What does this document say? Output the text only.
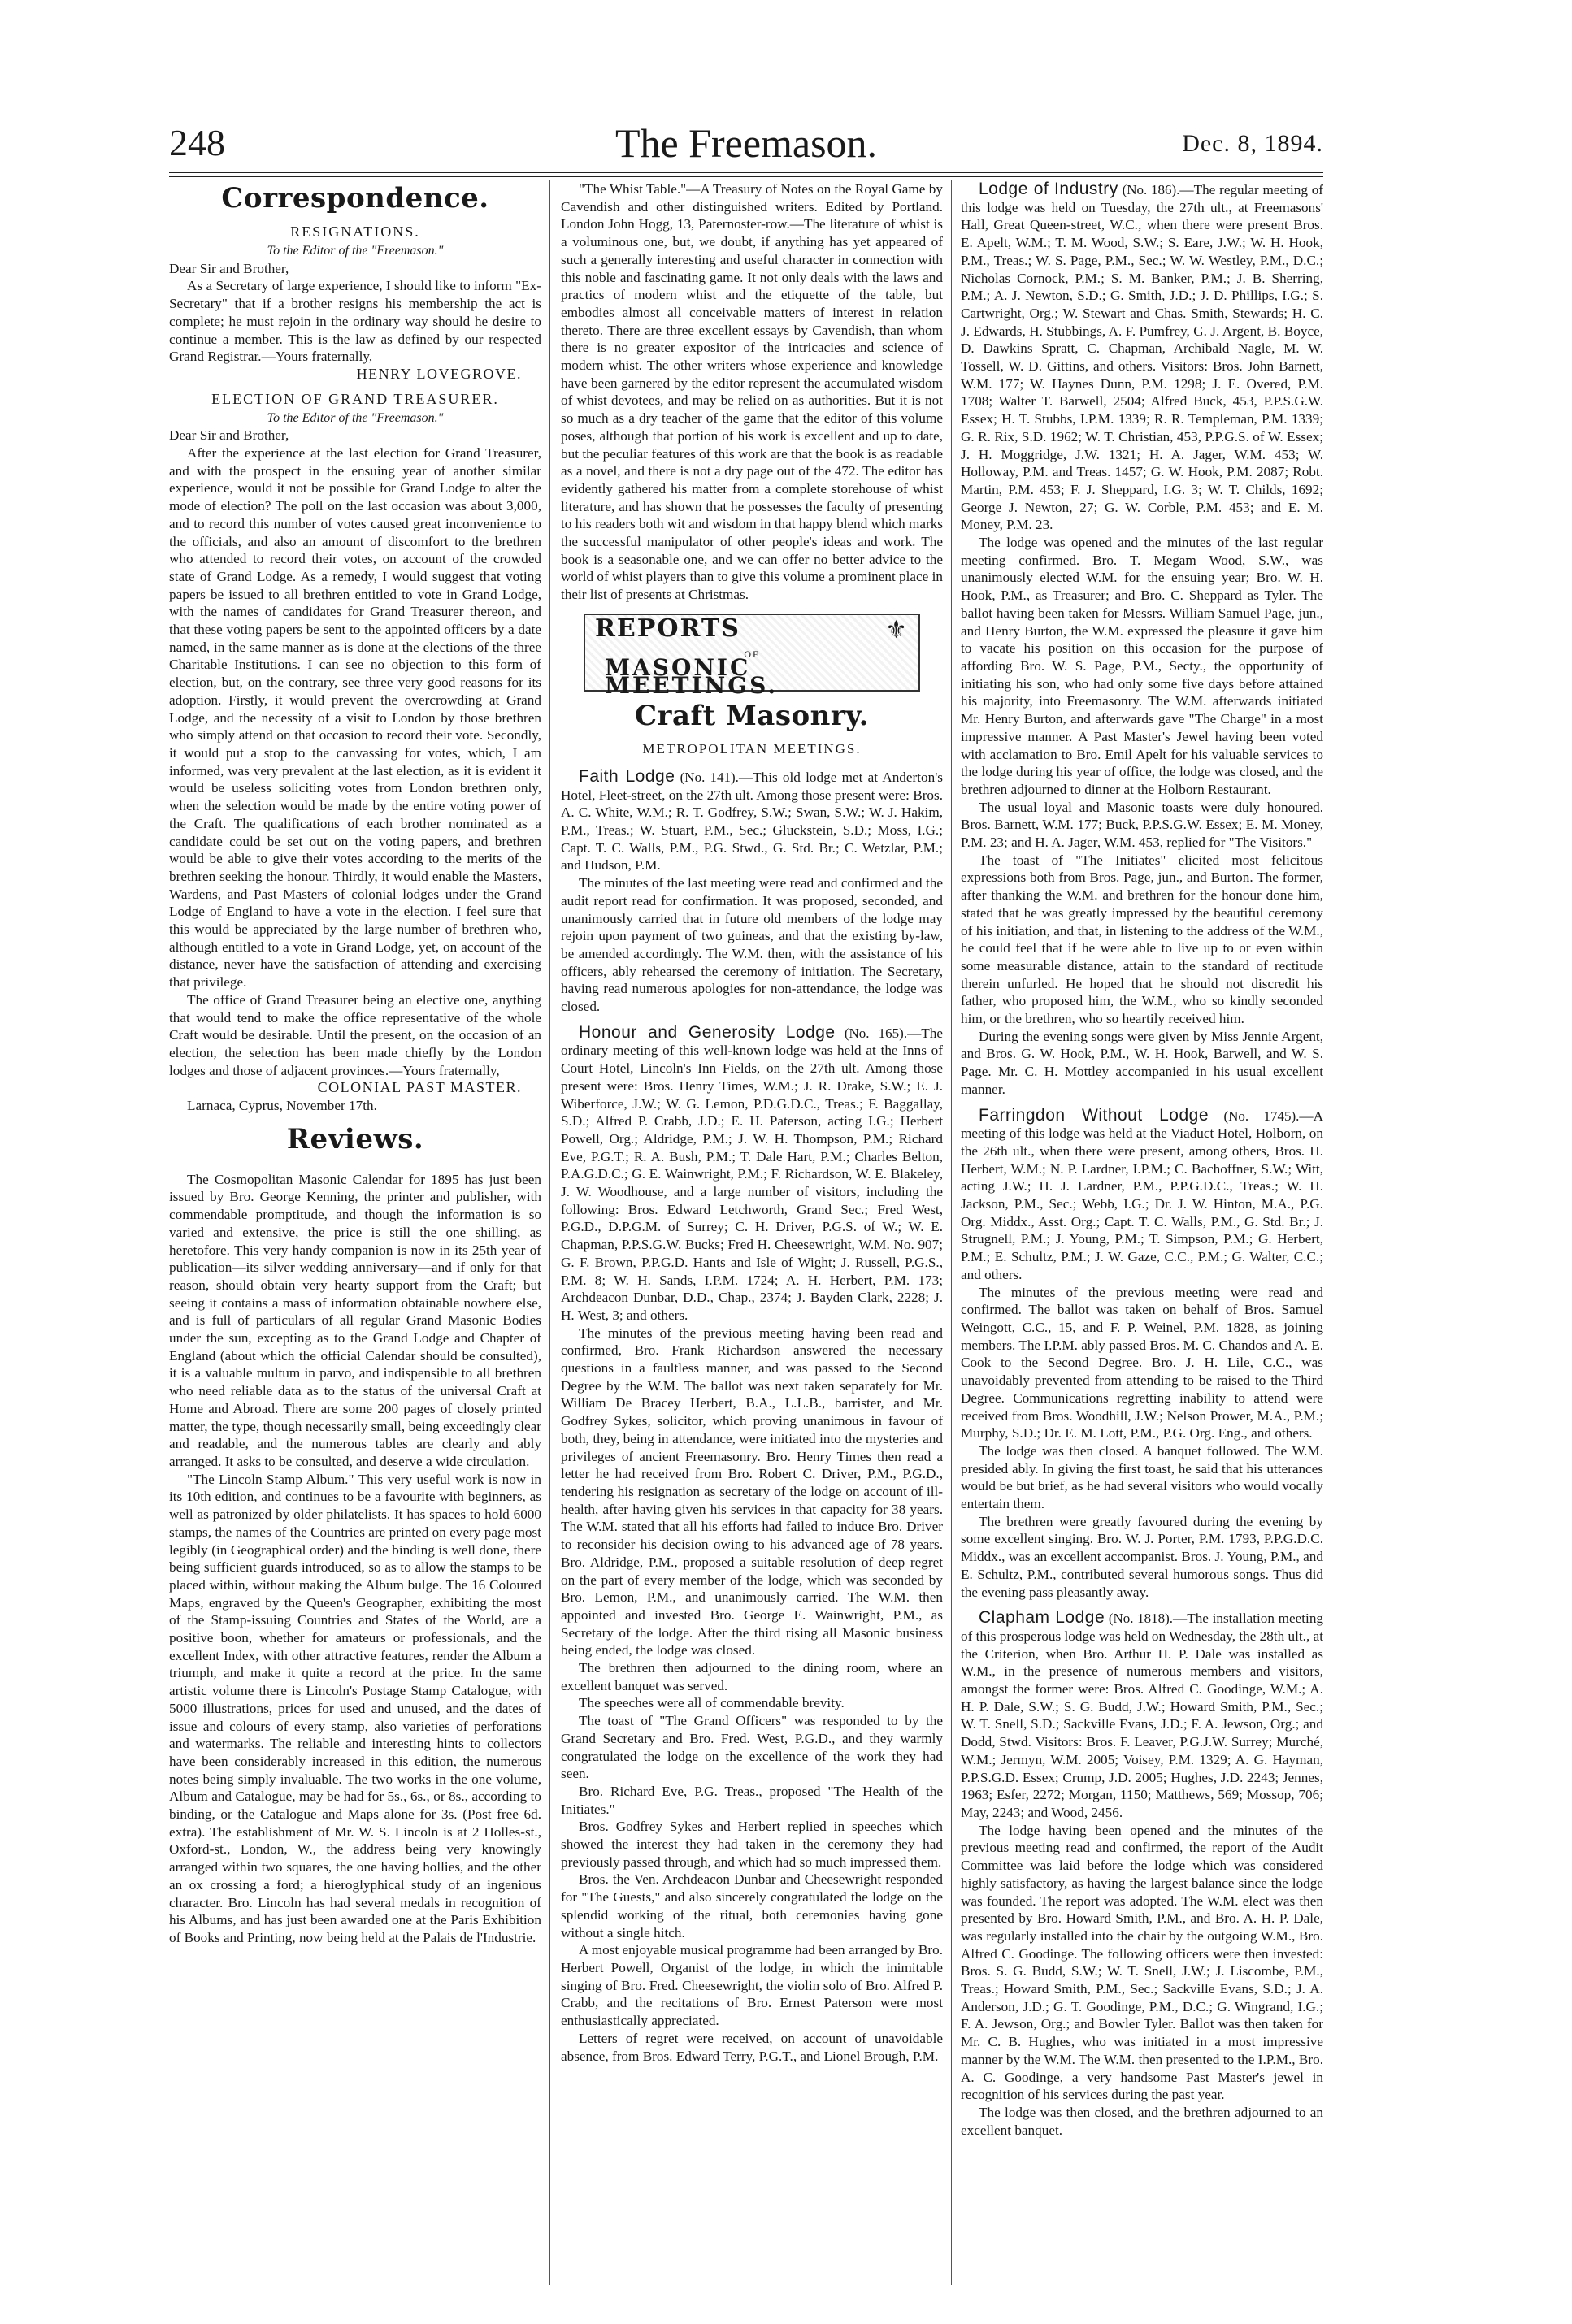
248	The Freemason.	Dec. 8, 1894.
Correspondence.
RESIGNATIONS.

To the Editor of the "Freemason."

Dear Sir and Brother,

As a Secretary of large experience, I should like to inform "Ex-Secretary" that if a brother resigns his membership the act is complete; he must rejoin in the ordinary way should he desire to continue a member. This is the law as defined by our respected Grand Registrar.—Yours fraternally,

HENRY LOVEGROVE.

ELECTION OF GRAND TREASURER.

To the Editor of the "Freemason."

Dear Sir and Brother,

After the experience at the last election for Grand Treasurer, and with the prospect in the ensuing year of another similar experience, would it not be possible for Grand Lodge to alter the mode of election? The poll on the last occasion was about 3,000, and to record this number of votes caused great inconvenience to the officials, and also an amount of discomfort to the brethren who attended to record their votes, on account of the crowded state of Grand Lodge. As a remedy, I would suggest that voting papers be issued to all brethren entitled to vote in Grand Lodge, with the names of candidates for Grand Treasurer thereon, and that these voting papers be sent to the appointed officers by a date named, in the same manner as is done at the elections of the three Charitable Institutions. I can see no objection to this form of election, but, on the contrary, see three very good reasons for its adoption. Firstly, it would prevent the overcrowding at Grand Lodge, and the necessity of a visit to London by those brethren who simply attend on that occasion to record their vote. Secondly, it would put a stop to the canvassing for votes, which, I am informed, was very prevalent at the last election, as it is evident it would be useless soliciting votes from London brethren only, when the selection would be made by the entire voting power of the Craft. The qualifications of each brother nominated as a candidate could be set out on the voting papers, and brethren would be able to give their votes according to the merits of the brethren seeking the honour. Thirdly, it would enable the Masters, Wardens, and Past Masters of colonial lodges under the Grand Lodge of England to have a vote in the election. I feel sure that this would be appreciated by the large number of brethren who, although entitled to a vote in Grand Lodge, yet, on account of the distance, never have the satisfaction of attending and exercising that privilege.

The office of Grand Treasurer being an elective one, anything that would tend to make the office representative of the whole Craft would be desirable. Until the present, on the occasion of an election, the selection has been made chiefly by the London lodges and those of adjacent provinces.—Yours fraternally,

COLONIAL PAST MASTER.

Larnaca, Cyprus, November 17th.

Reviews.

The Cosmopolitan Masonic Calendar for 1895 has just been issued by Bro. George Kenning, the printer and publisher, with commendable promptitude, and though the information is so varied and extensive, the price is still the one shilling, as heretofore. This very handy companion is now in its 25th year of publication—its silver wedding anniversary—and if only for that reason, should obtain very hearty support from the Craft; but seeing it contains a mass of information obtainable nowhere else, and is full of particulars of all regular Grand Masonic Bodies under the sun, excepting as to the Grand Lodge and Chapter of England (about which the official Calendar should be consulted), it is a valuable multum in parvo, and indispensible to all brethren who need reliable data as to the status of the universal Craft at Home and Abroad. There are some 200 pages of closely printed matter, the type, though necessarily small, being exceedingly clear and readable, and the numerous tables are clearly and ably arranged. It asks to be consulted, and deserve a wide circulation.

"The Lincoln Stamp Album." This very useful work is now in its 10th edition, and continues to be a favourite with beginners, as well as patronized by older philatelists. It has spaces to hold 6000 stamps, the names of the Countries are printed on every page most legibly (in Geographical order) and the binding is well done, there being sufficient guards introduced, so as to allow the stamps to be placed within, without making the Album bulge. The 16 Coloured Maps, engraved by the Queen's Geographer, exhibiting the most of the Stamp-issuing Countries and States of the World, are a positive boon, whether for amateurs or professionals, and the excellent Index, with other attractive features, render the Album a triumph, and make it quite a record at the price. In the same artistic volume there is Lincoln's Postage Stamp Catalogue, with 5000 illustrations, prices for used and unused, and the dates of issue and colours of every stamp, also varieties of perforations and watermarks. The reliable and interesting hints to collectors have been considerably increased in this edition, the numerous notes being simply invaluable. The two works in the one volume, Album and Catalogue, may be had for 5s., 6s., or 8s., according to binding, or the Catalogue and Maps alone for 3s. (Post free 6d. extra). The establishment of Mr. W. S. Lincoln is at 2 Holles-st., Oxford-st., London, W., the address being very knowingly arranged within two squares, the one having hollies, and the other an ox crossing a ford; a hieroglyphical study of an ingenious character. Bro. Lincoln has had several medals in recognition of his Albums, and has just been awarded one at the Paris Exhibition of Books and Printing, now being held at the Palais de l'Industrie.

"The Whist Table."—A Treasury of Notes on the Royal Game by Cavendish and other distinguished writers. Edited by Portland. London John Hogg, 13, Paternoster-row.—The literature of whist is a voluminous one, but, we doubt, if anything has yet appeared of such a generally interesting and useful character in connection with this noble and fascinating game. It not only deals with the laws and practics of modern whist and the etiquette of the table, but embodies almost all conceivable matters of interest in relation thereto. There are three excellent essays by Cavendish, than whom there is no greater expositor of the intricacies and science of modern whist. The other writers whose experience and knowledge have been garnered by the editor represent the accumulated wisdom of whist devotees, and may be relied on as authorities. But it is not so much as a dry teacher of the game that the editor of this volume poses, although that portion of his work is excellent and up to date, but the peculiar features of this work are that the book is as readable as a novel, and there is not a dry page out of the 472. The editor has evidently gathered his matter from a complete storehouse of whist literature, and has shown that he possesses the faculty of presenting to his readers both wit and wisdom in that happy blend which marks the successful manipulator of other people's ideas and work. The book is a seasonable one, and we can offer no better advice to the world of whist players than to give this volume a prominent place in their list of presents at Christmas.

REPORTS
OF
MASONIC MEETINGS.
⚜
Craft Masonry.
METROPOLITAN MEETINGS.

Faith Lodge (No. 141).—This old lodge met at Anderton's Hotel, Fleet-street, on the 27th ult. Among those present were: Bros. A. C. White, W.M.; R. T. Godfrey, S.W.; Swan, S.W.; W. J. Hakim, P.M., Treas.; W. Stuart, P.M., Sec.; Gluckstein, S.D.; Moss, I.G.; Capt. T. C. Walls, P.M., P.G. Stwd., G. Std. Br.; C. Wetzlar, P.M.; and Hudson, P.M.

The minutes of the last meeting were read and confirmed and the audit report read for confirmation. It was proposed, seconded, and unanimously carried that in future old members of the lodge may rejoin upon payment of two guineas, and that the existing by-law, be amended accordingly. The W.M. then, with the assistance of his officers, ably rehearsed the ceremony of initiation. The Secretary, having read numerous apologies for non-attendance, the lodge was closed.

Honour and Generosity Lodge (No. 165).—The ordinary meeting of this well-known lodge was held at the Inns of Court Hotel, Lincoln's Inn Fields, on the 27th ult. Among those present were: Bros. Henry Times, W.M.; J. R. Drake, S.W.; E. J. Wiberforce, J.W.; W. G. Lemon, P.D.G.D.C., Treas.; F. Baggallay, S.D.; Alfred P. Crabb, J.D.; E. H. Paterson, acting I.G.; Herbert Powell, Org.; Aldridge, P.M.; J. W. H. Thompson, P.M.; Richard Eve, P.G.T.; R. A. Bush, P.M.; T. Dale Hart, P.M.; Charles Belton, P.A.G.D.C.; G. E. Wainwright, P.M.; F. Richardson, W. E. Blakeley, J. W. Woodhouse, and a large number of visitors, including the following: Bros. Edward Letchworth, Grand Sec.; Fred West, P.G.D., D.P.G.M. of Surrey; C. H. Driver, P.G.S. of W.; W. E. Chapman, P.P.S.G.W. Bucks; Fred H. Cheesewright, W.M. No. 907; G. F. Brown, P.P.G.D. Hants and Isle of Wight; J. Russell, P.G.S., P.M. 8; W. H. Sands, I.P.M. 1724; A. H. Herbert, P.M. 173; Archdeacon Dunbar, D.D., Chap., 2374; J. Bayden Clark, 2228; J. H. West, 3; and others.

The minutes of the previous meeting having been read and confirmed, Bro. Frank Richardson answered the necessary questions in a faultless manner, and was passed to the Second Degree by the W.M. The ballot was next taken separately for Mr. William De Bracey Herbert, B.A., L.L.B., barrister, and Mr. Godfrey Sykes, solicitor, which proving unanimous in favour of both, they, being in attendance, were initiated into the mysteries and privileges of ancient Freemasonry. Bro. Henry Times then read a letter he had received from Bro. Robert C. Driver, P.M., P.G.D., tendering his resignation as secretary of the lodge on account of ill-health, after having given his services in that capacity for 38 years. The W.M. stated that all his efforts had failed to induce Bro. Driver to reconsider his decision owing to his advanced age of 78 years. Bro. Aldridge, P.M., proposed a suitable resolution of deep regret on the part of every member of the lodge, which was seconded by Bro. Lemon, P.M., and unanimously carried. The W.M. then appointed and invested Bro. George E. Wainwright, P.M., as Secretary of the lodge. After the third rising all Masonic business being ended, the lodge was closed.

The brethren then adjourned to the dining room, where an excellent banquet was served.

The speeches were all of commendable brevity.

The toast of "The Grand Officers" was responded to by the Grand Secretary and Bro. Fred. West, P.G.D., and they warmly congratulated the lodge on the excellence of the work they had seen.

Bro. Richard Eve, P.G. Treas., proposed "The Health of the Initiates."

Bros. Godfrey Sykes and Herbert replied in speeches which showed the interest they had taken in the ceremony they had previously passed through, and which had so much impressed them.

Bros. the Ven. Archdeacon Dunbar and Cheesewright responded for "The Guests," and also sincerely congratulated the lodge on the splendid working of the ritual, both ceremonies having gone without a single hitch.

A most enjoyable musical programme had been arranged by Bro. Herbert Powell, Organist of the lodge, in which the inimitable singing of Bro. Fred. Cheesewright, the violin solo of Bro. Alfred P. Crabb, and the recitations of Bro. Ernest Paterson were most enthusiastically appreciated.

Letters of regret were received, on account of unavoidable absence, from Bros. Edward Terry, P.G.T., and Lionel Brough, P.M.

Lodge of Industry (No. 186).—The regular meeting of this lodge was held on Tuesday, the 27th ult., at Freemasons' Hall, Great Queen-street, W.C., when there were present Bros. E. Apelt, W.M.; T. M. Wood, S.W.; S. Eare, J.W.; W. H. Hook, P.M., Treas.; W. S. Page, P.M., Sec.; W. W. Westley, P.M., D.C.; Nicholas Cornock, P.M.; S. M. Banker, P.M.; J. B. Sherring, P.M.; A. J. Newton, S.D.; G. Smith, J.D.; J. D. Phillips, I.G.; S. Cartwright, Org.; W. Stewart and Chas. Smith, Stewards; H. C. J. Edwards, H. Stubbings, A. F. Pumfrey, G. J. Argent, B. Boyce, D. Dawkins Spratt, C. Chapman, Archibald Nagle, M. W. Tossell, W. D. Gittins, and others. Visitors: Bros. John Barnett, W.M. 177; W. Haynes Dunn, P.M. 1298; J. E. Overed, P.M. 1708; Walter T. Barwell, 2504; Alfred Buck, 453, P.P.S.G.W. Essex; H. T. Stubbs, I.P.M. 1339; R. R. Templeman, P.M. 1339; G. R. Rix, S.D. 1962; W. T. Christian, 453, P.P.G.S. of W. Essex; J. H. Moggridge, J.W. 1321; H. A. Jager, W.M. 453; W. Holloway, P.M. and Treas. 1457; G. W. Hook, P.M. 2087; Robt. Martin, P.M. 453; F. J. Sheppard, I.G. 3; W. T. Childs, 1692; George J. Newton, 27; G. W. Corble, P.M. 453; and E. M. Money, P.M. 23.

The lodge was opened and the minutes of the last regular meeting confirmed. Bro. T. Megam Wood, S.W., was unanimously elected W.M. for the ensuing year; Bro. W. H. Hook, P.M., as Treasurer; and Bro. C. Sheppard as Tyler. The ballot having been taken for Messrs. William Samuel Page, jun., and Henry Burton, the W.M. expressed the pleasure it gave him to vacate his position on this occasion for the purpose of affording Bro. W. S. Page, P.M., Secty., the opportunity of initiating his son, who had only some five days before attained his majority, into Freemasonry. The W.M. afterwards initiated Mr. Henry Burton, and afterwards gave "The Charge" in a most impressive manner. A Past Master's Jewel having been voted with acclamation to Bro. Emil Apelt for his valuable services to the lodge during his year of office, the lodge was closed, and the brethren adjourned to dinner at the Holborn Restaurant.

The usual loyal and Masonic toasts were duly honoured. Bros. Barnett, W.M. 177; Buck, P.P.S.G.W. Essex; E. M. Money, P.M. 23; and H. A. Jager, W.M. 453, replied for "The Visitors."

The toast of "The Initiates" elicited most felicitous expressions both from Bros. Page, jun., and Burton. The former, after thanking the W.M. and brethren for the honour done him, stated that he was greatly impressed by the beautiful ceremony of his initiation, and that, in listening to the address of the W.M., he could feel that if he were able to live up to or even within some measurable distance, attain to the standard of rectitude therein unfurled. He hoped that he should not discredit his father, who proposed him, the W.M., who so kindly seconded him, or the brethren, who so heartily received him.

During the evening songs were given by Miss Jennie Argent, and Bros. G. W. Hook, P.M., W. H. Hook, Barwell, and W. S. Page. Mr. C. H. Mottley accompanied in his usual excellent manner.

Farringdon Without Lodge (No. 1745).—A meeting of this lodge was held at the Viaduct Hotel, Holborn, on the 26th ult., when there were present, among others, Bros. H. Herbert, W.M.; N. P. Lardner, I.P.M.; C. Bachoffner, S.W.; Witt, acting J.W.; H. J. Lardner, P.M., P.P.G.D.C., Treas.; W. H. Jackson, P.M., Sec.; Webb, I.G.; Dr. J. W. Hinton, M.A., P.G. Org. Middx., Asst. Org.; Capt. T. C. Walls, P.M., G. Std. Br.; J. Strugnell, P.M.; J. Young, P.M.; T. Simpson, P.M.; G. Herbert, P.M.; E. Schultz, P.M.; J. W. Gaze, C.C., P.M.; G. Walter, C.C.; and others.

The minutes of the previous meeting were read and confirmed. The ballot was taken on behalf of Bros. Samuel Weingott, C.C., 15, and F. P. Weinel, P.M. 1828, as joining members. The I.P.M. ably passed Bros. M. C. Chandos and A. E. Cook to the Second Degree. Bro. J. H. Lile, C.C., was unavoidably prevented from attending to be raised to the Third Degree. Communications regretting inability to attend were received from Bros. Woodhill, J.W.; Nelson Prower, M.A., P.M.; Murphy, S.D.; Dr. E. M. Lott, P.M., P.G. Org. Eng., and others.

The lodge was then closed. A banquet followed. The W.M. presided ably. In giving the first toast, he said that his utterances would be but brief, as he had several visitors who would vocally entertain them.

The brethren were greatly favoured during the evening by some excellent singing. Bro. W. J. Porter, P.M. 1793, P.P.G.D.C. Middx., was an excellent accompanist. Bros. J. Young, P.M., and E. Schultz, P.M., contributed several humorous songs. Thus did the evening pass pleasantly away.

Clapham Lodge (No. 1818).—The installation meeting of this prosperous lodge was held on Wednesday, the 28th ult., at the Criterion, when Bro. Arthur H. P. Dale was installed as W.M., in the presence of numerous members and visitors, amongst the former were: Bros. Alfred C. Goodinge, W.M.; A. H. P. Dale, S.W.; S. G. Budd, J.W.; Howard Smith, P.M., Sec.; W. T. Snell, S.D.; Sackville Evans, J.D.; F. A. Jewson, Org.; and Dodd, Stwd. Visitors: Bros. F. Leaver, P.G.J.W. Surrey; Murché, W.M.; Jermyn, W.M. 2005; Voisey, P.M. 1329; A. G. Hayman, P.P.S.G.D. Essex; Crump, J.D. 2005; Hughes, J.D. 2243; Jennes, 1963; Esfer, 2272; Morgan, 1150; Matthews, 569; Mossop, 706; May, 2243; and Wood, 2456.

The lodge having been opened and the minutes of the previous meeting read and confirmed, the report of the Audit Committee was laid before the lodge which was considered highly satisfactory, as having the largest balance since the lodge was founded. The report was adopted. The W.M. elect was then presented by Bro. Howard Smith, P.M., and Bro. A. H. P. Dale, was regularly installed into the chair by the outgoing W.M., Bro. Alfred C. Goodinge. The following officers were then invested: Bros. S. G. Budd, S.W.; W. T. Snell, J.W.; J. Liscombe, P.M., Treas.; Howard Smith, P.M., Sec.; Sackville Evans, S.D.; J. A. Anderson, J.D.; G. T. Goodinge, P.M., D.C.; G. Wingrand, I.G.; F. A. Jewson, Org.; and Bowler Tyler. Ballot was then taken for Mr. C. B. Hughes, who was initiated in a most impressive manner by the W.M. The W.M. then presented to the I.P.M., Bro. A. C. Goodinge, a very handsome Past Master's jewel in recognition of his services during the past year.

The lodge was then closed, and the brethren adjourned to an excellent banquet.
